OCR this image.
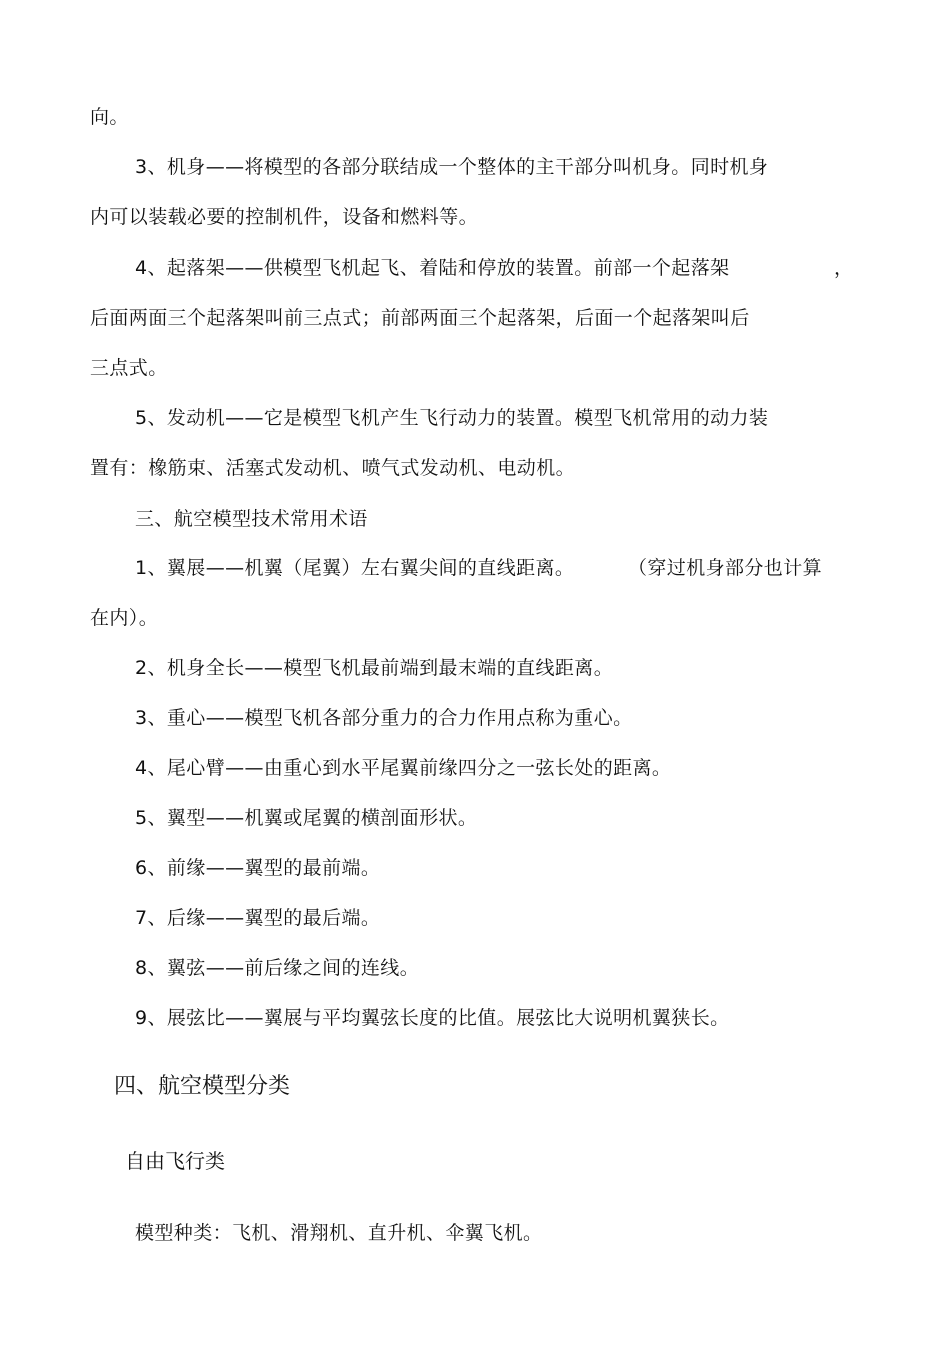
向。
3、机身——将模型的各部分联结成一个整体的主干部分叫机身。同时机身
内可以装载必要的控制机件，设备和燃料等。
4、起落架——供模型飞机起飞、着陆和停放的装置。前部一个起落架	，
后面两面三个起落架叫前三点式；前部两面三个起落架，后面一个起落架叫后
三点式。
5、发动机——它是模型飞机产生飞行动力的装置。模型飞机常用的动力装
置有：橡筋束、活塞式发动机、喷气式发动机、电动机。
三、航空模型技术常用术语
1、翼展——机翼（尾翼）左右翼尖间的直线距离。	（穿过机身部分也计算
在内）。
2、机身全长——模型飞机最前端到最末端的直线距离。
3、重心——模型飞机各部分重力的合力作用点称为重心。
4、尾心臂——由重心到水平尾翼前缘四分之一弦长处的距离。
5、翼型——机翼或尾翼的横剖面形状。
6、前缘——翼型的最前端。
7、后缘——翼型的最后端。
8、翼弦——前后缘之间的连线。
9、展弦比——翼展与平均翼弦长度的比值。展弦比大说明机翼狭长。
四、航空模型分类
自由飞行类
模型种类：飞机、滑翔机、直升机、伞翼飞机。
